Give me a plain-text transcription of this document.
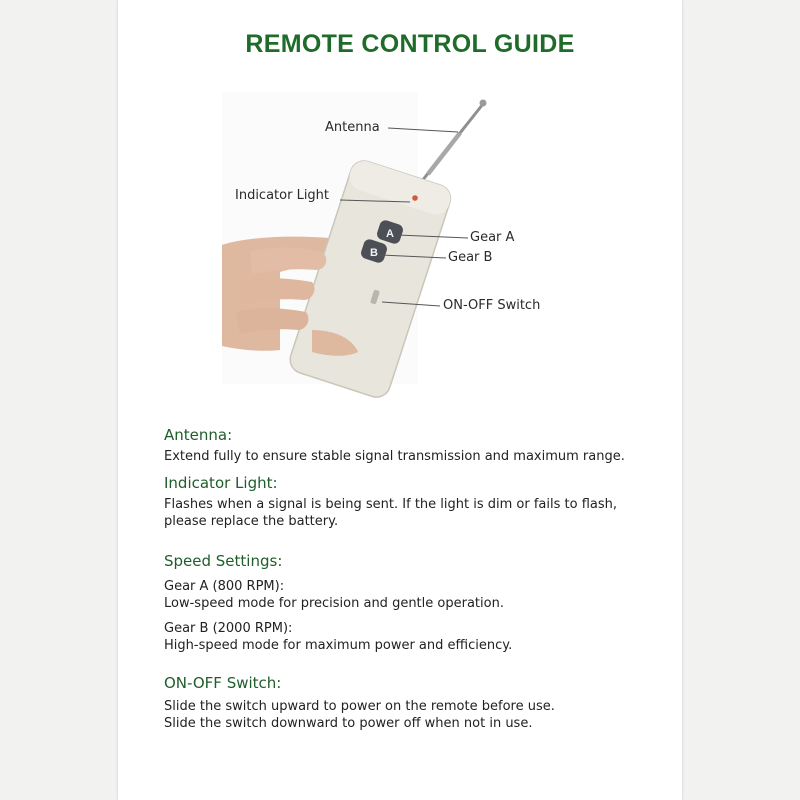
REMOTE CONTROL GUIDE
A
B
Antenna
Indicator Light
Gear A
Gear B
ON-OFF Switch
Antenna:
Extend fully to ensure stable signal transmission and maximum range.
Indicator Light:
Flashes when a signal is being sent. If the light is dim or fails to flash,
please replace the battery.
Speed Settings:
Gear A (800 RPM):
Low-speed mode for precision and gentle operation.
Gear B (2000 RPM):
High-speed mode for maximum power and efficiency.
ON-OFF Switch:
Slide the switch upward to power on the remote before use.
Slide the switch downward to power off when not in use.
